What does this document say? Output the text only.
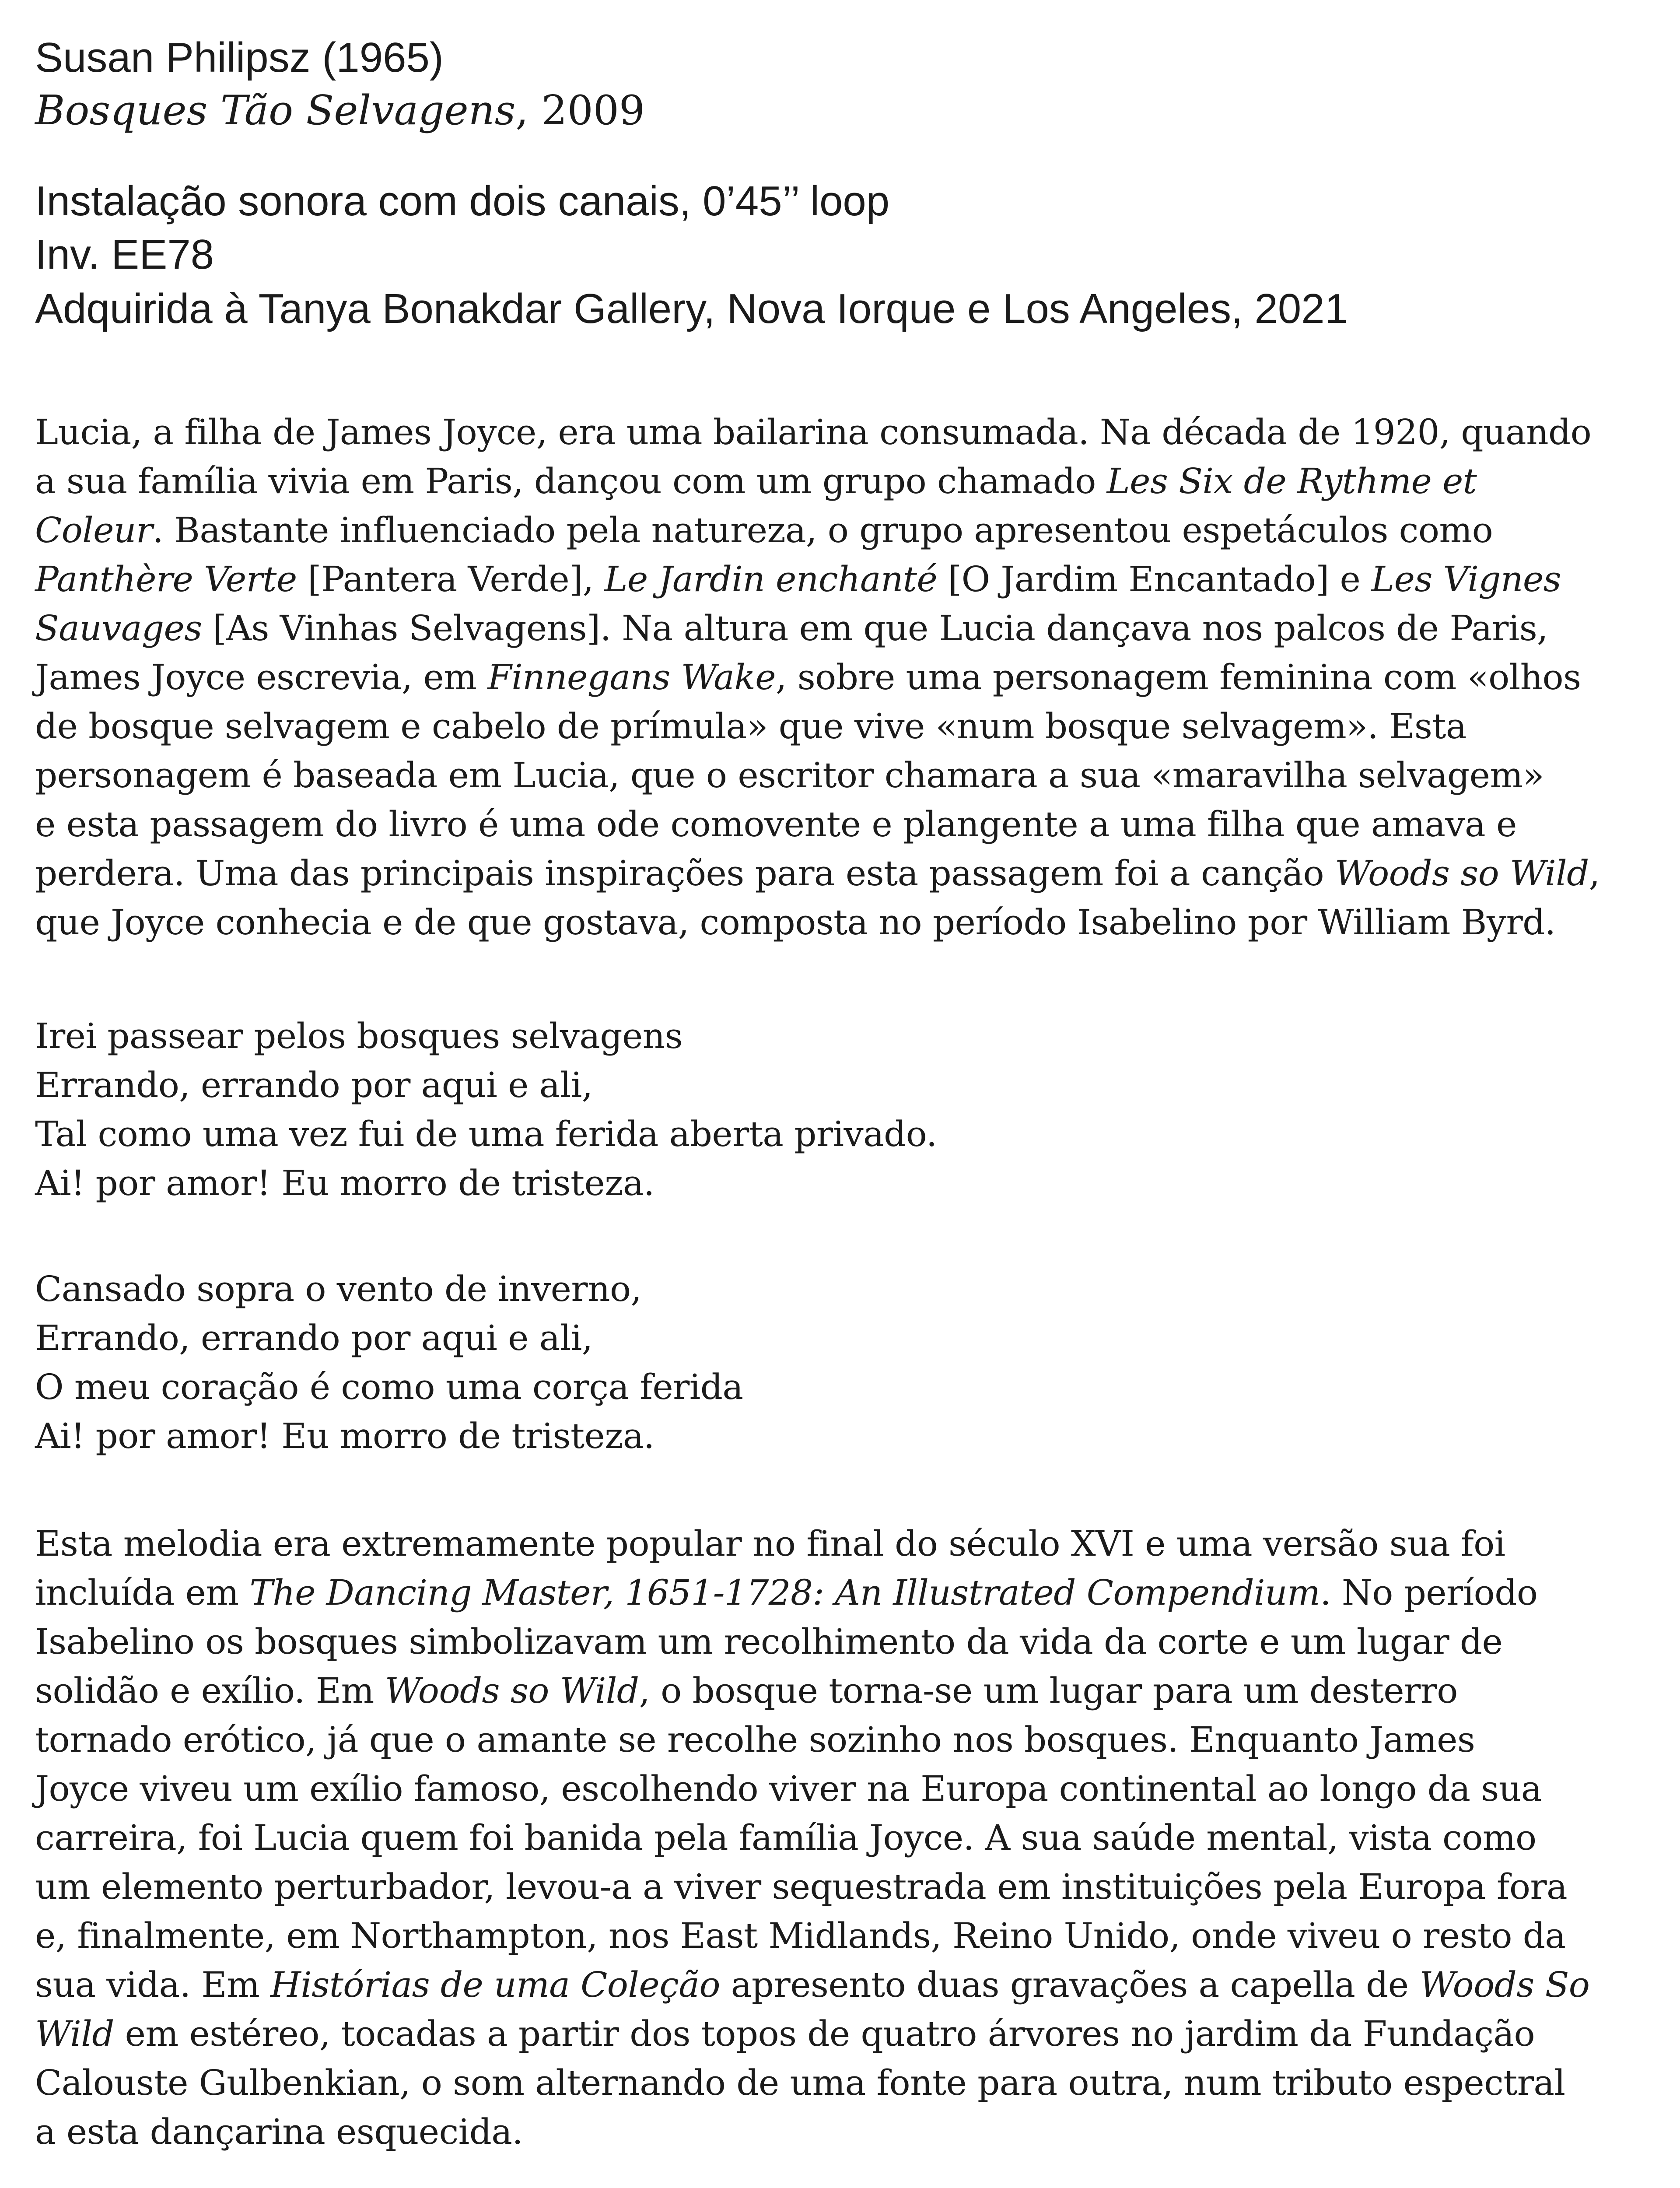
Susan Philipsz (1965)
Bosques Tão Selvagens, 2009
Instalação sonora com dois canais, 0’45’’ loop
Inv. EE78
Adquirida à Tanya Bonakdar Gallery, Nova Iorque e Los Angeles, 2021
Lucia, a filha de James Joyce, era uma bailarina consumada. Na década de 1920, quando
a sua família vivia em Paris, dançou com um grupo chamado Les Six de Rythme et
Coleur. Bastante influenciado pela natureza, o grupo apresentou espetáculos como
Panthère Verte [Pantera Verde], Le Jardin enchanté [O Jardim Encantado] e Les Vignes
Sauvages [As Vinhas Selvagens]. Na altura em que Lucia dançava nos palcos de Paris,
James Joyce escrevia, em Finnegans Wake, sobre uma personagem feminina com «olhos
de bosque selvagem e cabelo de prímula» que vive «num bosque selvagem». Esta
personagem é baseada em Lucia, que o escritor chamara a sua «maravilha selvagem»
e esta passagem do livro é uma ode comovente e plangente a uma filha que amava e
perdera. Uma das principais inspirações para esta passagem foi a canção Woods so Wild,
que Joyce conhecia e de que gostava, composta no período Isabelino por William Byrd.
Irei passear pelos bosques selvagens
Errando, errando por aqui e ali,
Tal como uma vez fui de uma ferida aberta privado.
Ai! por amor! Eu morro de tristeza.
Cansado sopra o vento de inverno,
Errando, errando por aqui e ali,
O meu coração é como uma corça ferida
Ai! por amor! Eu morro de tristeza.
Esta melodia era extremamente popular no final do século XVI e uma versão sua foi
incluída em The Dancing Master, 1651-1728: An Illustrated Compendium. No período
Isabelino os bosques simbolizavam um recolhimento da vida da corte e um lugar de
solidão e exílio. Em Woods so Wild, o bosque torna-se um lugar para um desterro
tornado erótico, já que o amante se recolhe sozinho nos bosques. Enquanto James
Joyce viveu um exílio famoso, escolhendo viver na Europa continental ao longo da sua
carreira, foi Lucia quem foi banida pela família Joyce. A sua saúde mental, vista como
um elemento perturbador, levou-a a viver sequestrada em instituições pela Europa fora
e, finalmente, em Northampton, nos East Midlands, Reino Unido, onde viveu o resto da
sua vida. Em Histórias de uma Coleção apresento duas gravações a capella de Woods So
Wild em estéreo, tocadas a partir dos topos de quatro árvores no jardim da Fundação
Calouste Gulbenkian, o som alternando de uma fonte para outra, num tributo espectral
a esta dançarina esquecida.
